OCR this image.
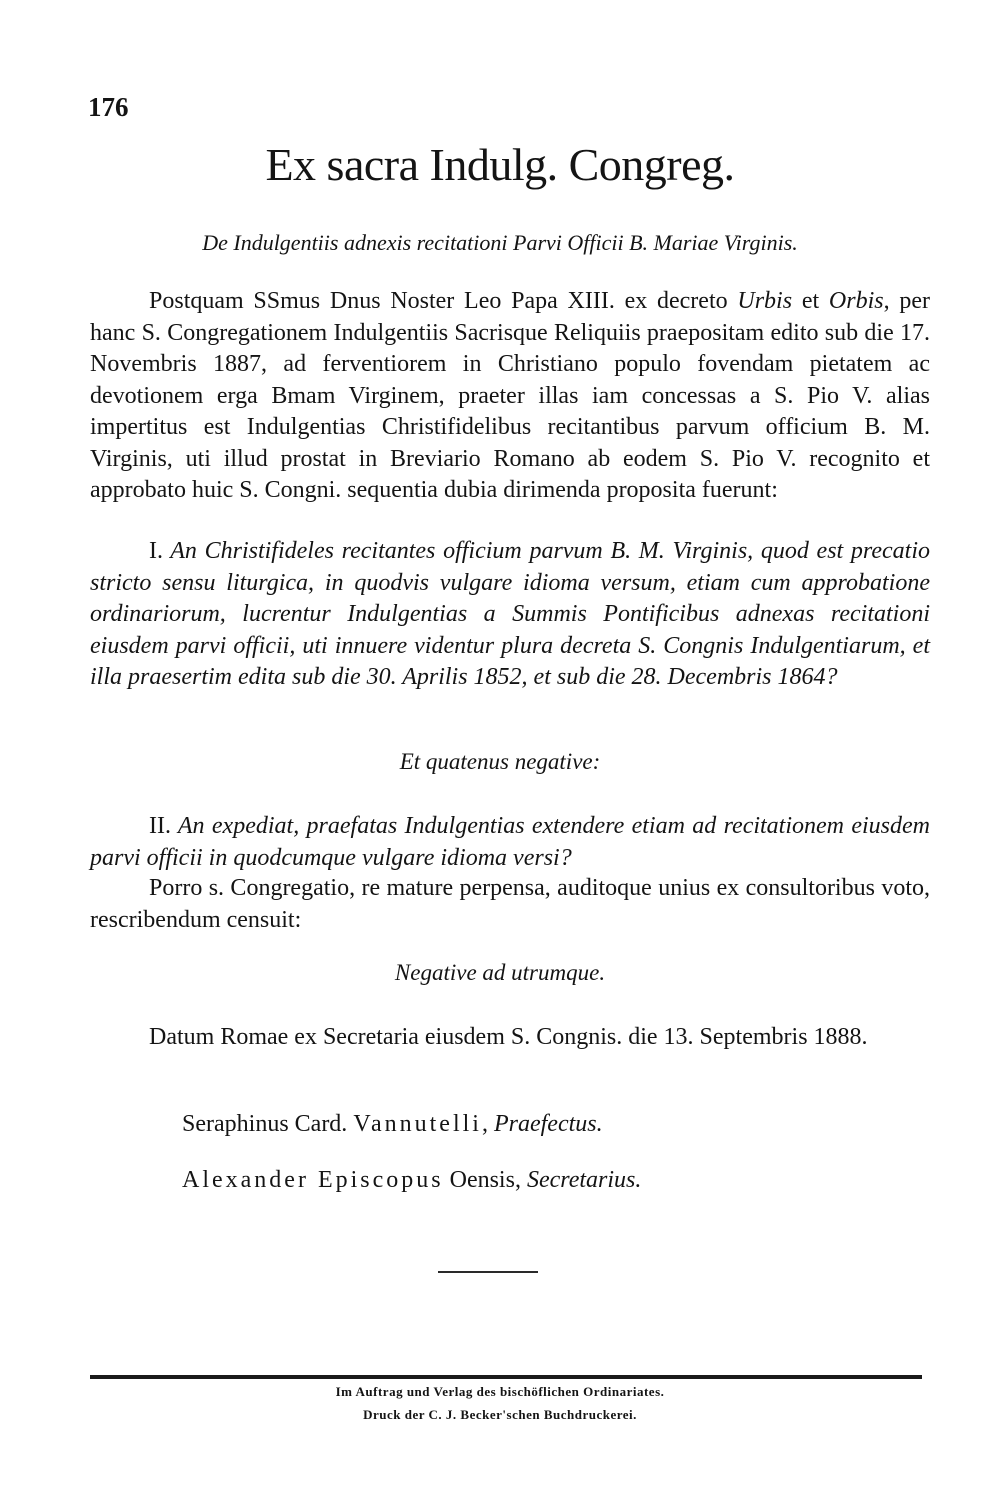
176
Ex sacra Indulg. Congreg.
De Indulgentiis adnexis recitationi Parvi Officii B. Mariae Virginis.

Postquam SSmus Dnus Noster Leo Papa XIII. ex decreto Urbis et Orbis, per hanc S. Congregationem Indulgentiis Sacrisque Reliquiis praepositam edito sub die 17. Novembris 1887, ad ferventiorem in Christiano populo fovendam pietatem ac devotionem erga Bmam Virginem, praeter illas iam concessas a S. Pio V. alias impertitus est Indulgentias Christifidelibus recitantibus parvum officium B. M. Virginis, uti illud prostat in Breviario Romano ab eodem S. Pio V. recognito et approbato huic S. Congni. sequentia dubia dirimenda proposita fuerunt:

I. An Christifideles recitantes officium parvum B. M. Virginis, quod est precatio stricto sensu liturgica, in quodvis vulgare idioma versum, etiam cum approbatione ordinariorum, lucrentur Indulgentias a Summis Pontificibus adnexas recitationi eiusdem parvi officii, uti innuere videntur plura decreta S. Congnis Indulgentiarum, et illa praesertim edita sub die 30. Aprilis 1852, et sub die 28. Decembris 1864?

Et quatenus negative:

II. An expediat, praefatas Indulgentias extendere etiam ad recitationem eiusdem parvi officii in quodcumque vulgare idioma versi?

Porro s. Congregatio, re mature perpensa, auditoque unius ex consultoribus voto, rescribendum censuit:

Negative ad utrumque.

Datum Romae ex Secretaria eiusdem S. Congnis. die 13. Septembris 1888.

Seraphinus Card. Vannutelli, Praefectus.
Alexander Episcopus Oensis, Secretarius.
Im Auftrag und Verlag des bischöflichen Ordinariates.
Druck der C. J. Becker'schen Buchdruckerei.
